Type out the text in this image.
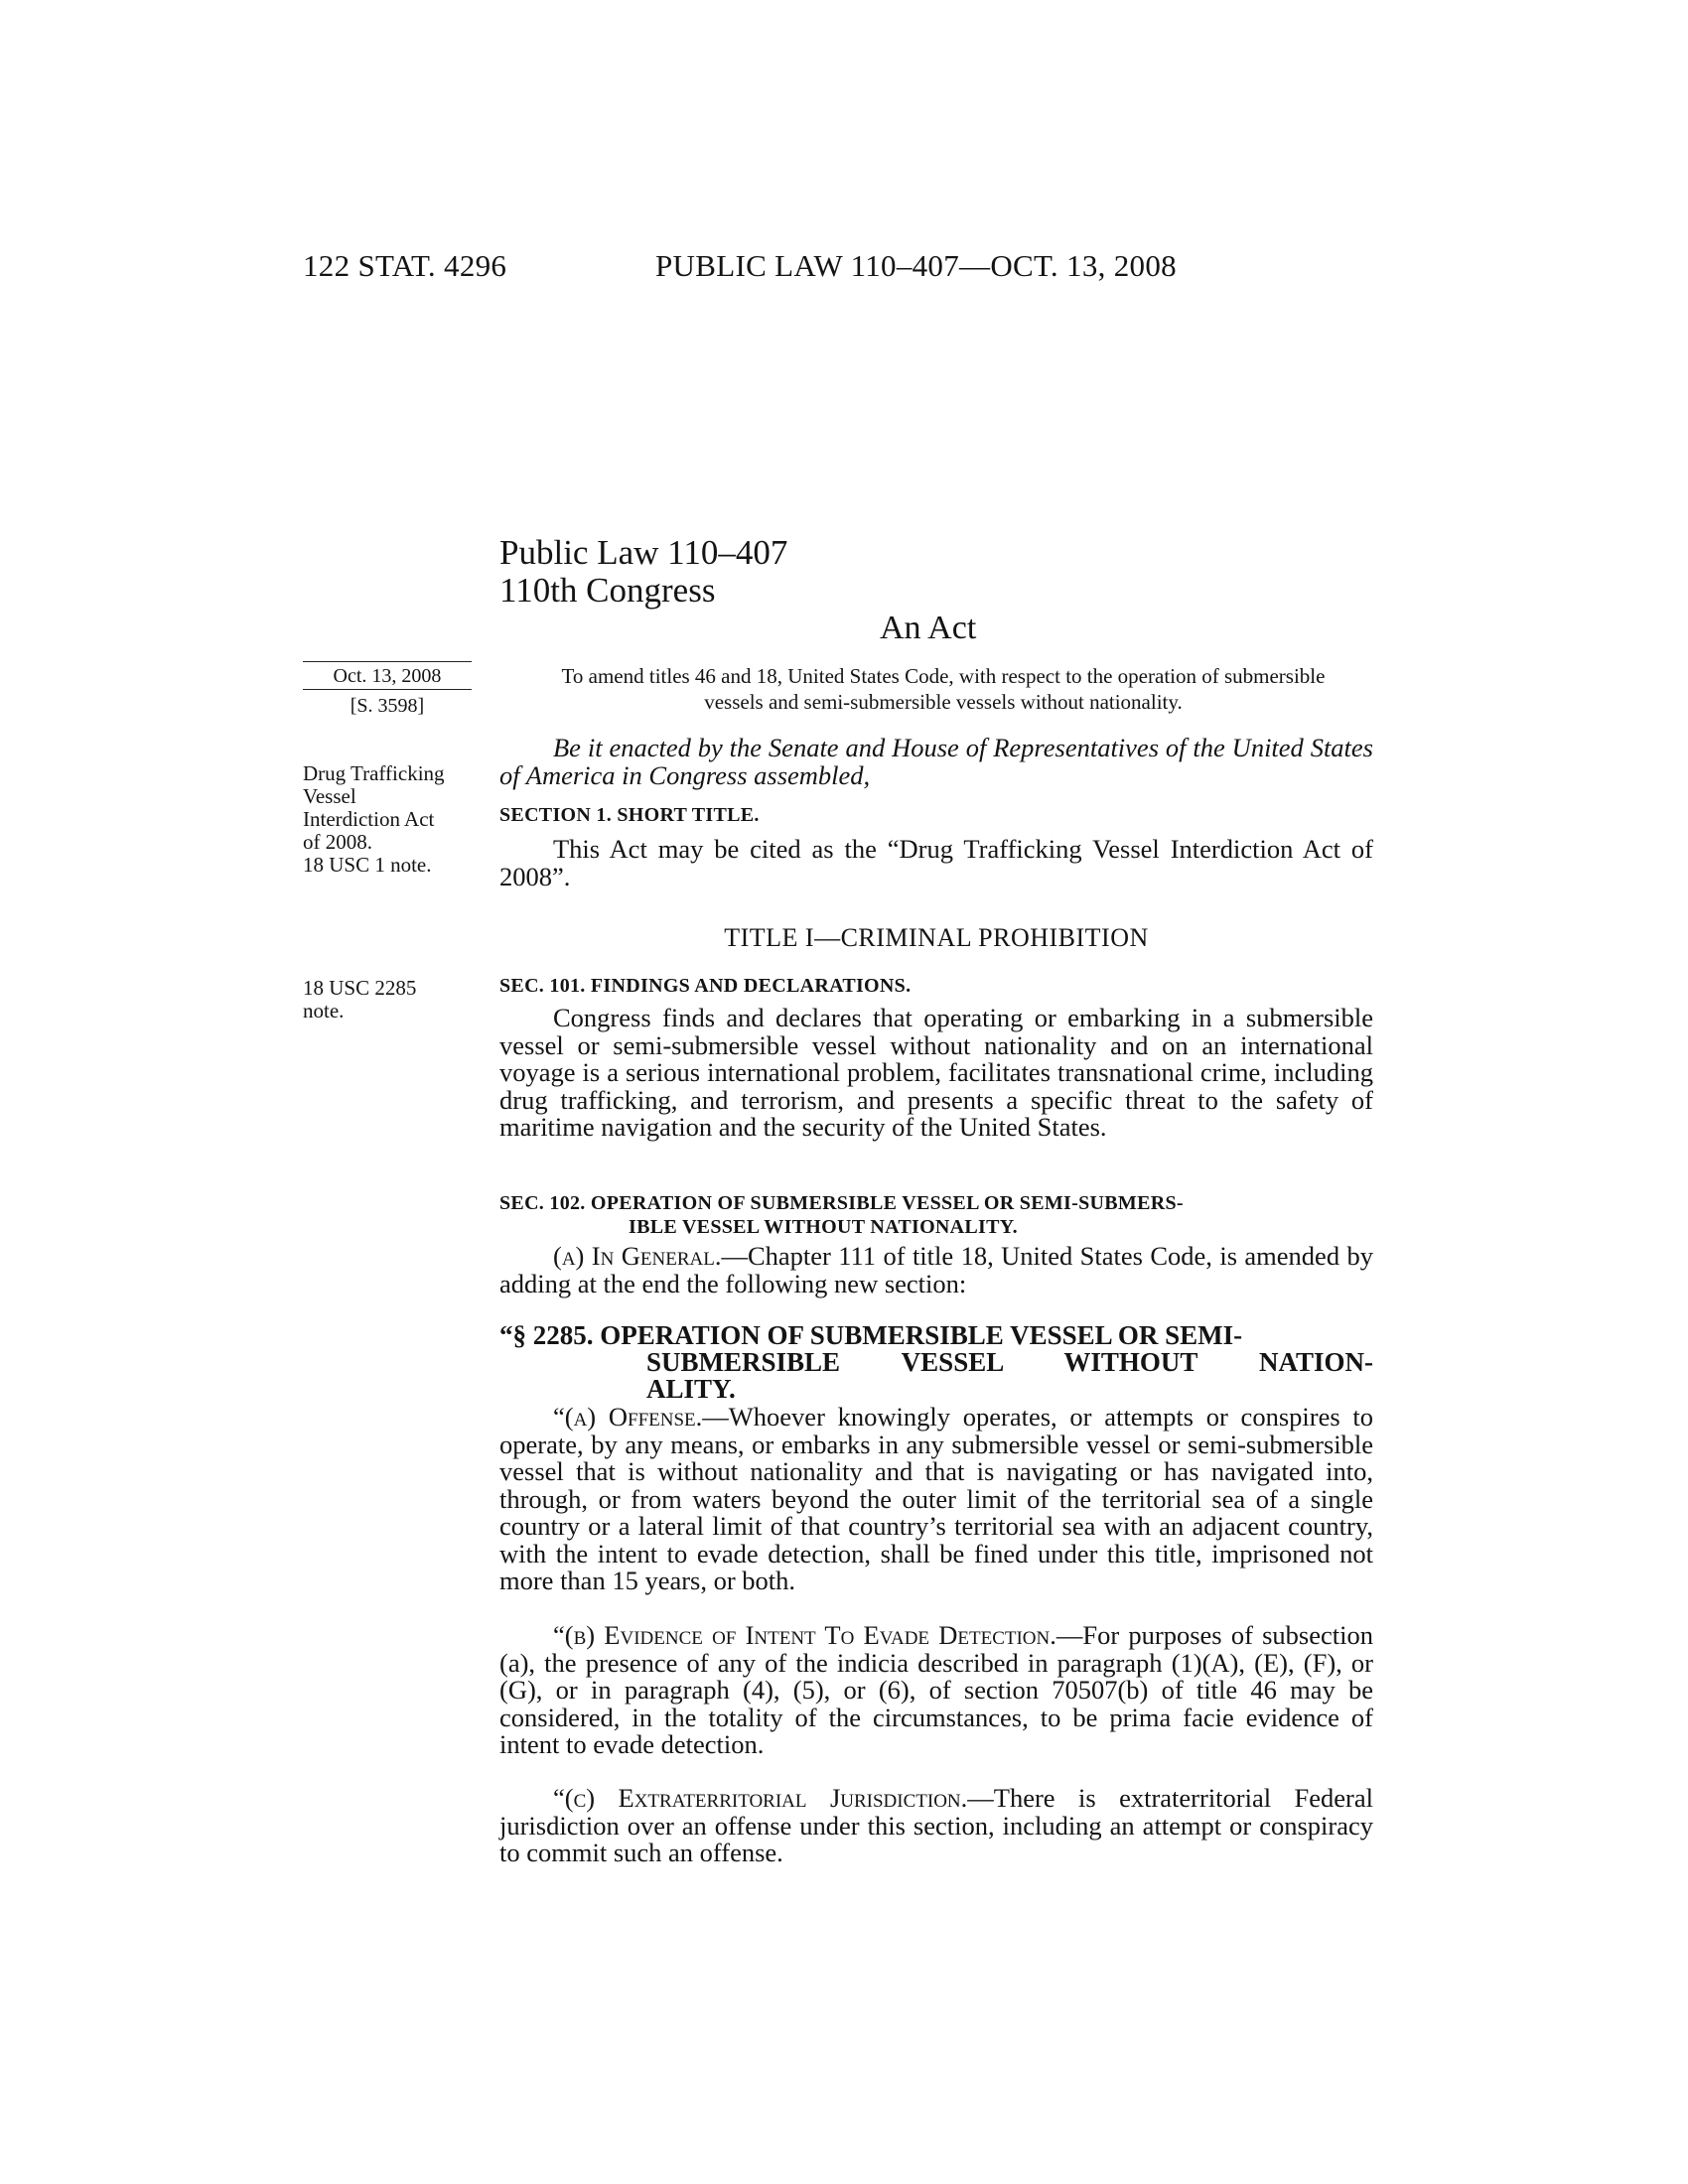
122 STAT. 4296	PUBLIC LAW 110–407—OCT. 13, 2008
Public Law 110–407
110th Congress
An Act
Oct. 13, 2008
[S. 3598]
To amend titles 46 and 18, United States Code, with respect to the operation of submersible vessels and semi-submersible vessels without nationality.
Be it enacted by the Senate and House of Representatives of the United States of America in Congress assembled,
Drug Trafficking
Vessel
Interdiction Act
of 2008.
18 USC 1 note.
SECTION 1. SHORT TITLE.
This Act may be cited as the “Drug Trafficking Vessel Interdiction Act of 2008”.
TITLE I—CRIMINAL PROHIBITION
18 USC 2285
note.
SEC. 101. FINDINGS AND DECLARATIONS.
Congress finds and declares that operating or embarking in a submersible vessel or semi-submersible vessel without nationality and on an international voyage is a serious international problem, facilitates transnational crime, including drug trafficking, and terrorism, and presents a specific threat to the safety of maritime navigation and the security of the United States.
SEC. 102. OPERATION OF SUBMERSIBLE VESSEL OR SEMI-SUBMERS-
IBLE VESSEL WITHOUT NATIONALITY.
(a) In General.—Chapter 111 of title 18, United States Code, is amended by adding at the end the following new section:
“§ 2285. OPERATION OF SUBMERSIBLE VESSEL OR SEMI-
SUBMERSIBLE VESSEL WITHOUT NATION-
ALITY.
“(a) Offense.—Whoever knowingly operates, or attempts or conspires to operate, by any means, or embarks in any submersible vessel or semi-submersible vessel that is without nationality and that is navigating or has navigated into, through, or from waters beyond the outer limit of the territorial sea of a single country or a lateral limit of that country’s territorial sea with an adjacent country, with the intent to evade detection, shall be fined under this title, imprisoned not more than 15 years, or both.
“(b) Evidence of Intent To Evade Detection.—For purposes of subsection (a), the presence of any of the indicia described in paragraph (1)(A), (E), (F), or (G), or in paragraph (4), (5), or (6), of section 70507(b) of title 46 may be considered, in the totality of the circumstances, to be prima facie evidence of intent to evade detection.
“(c) Extraterritorial Jurisdiction.—There is extraterritorial Federal jurisdiction over an offense under this section, including an attempt or conspiracy to commit such an offense.
